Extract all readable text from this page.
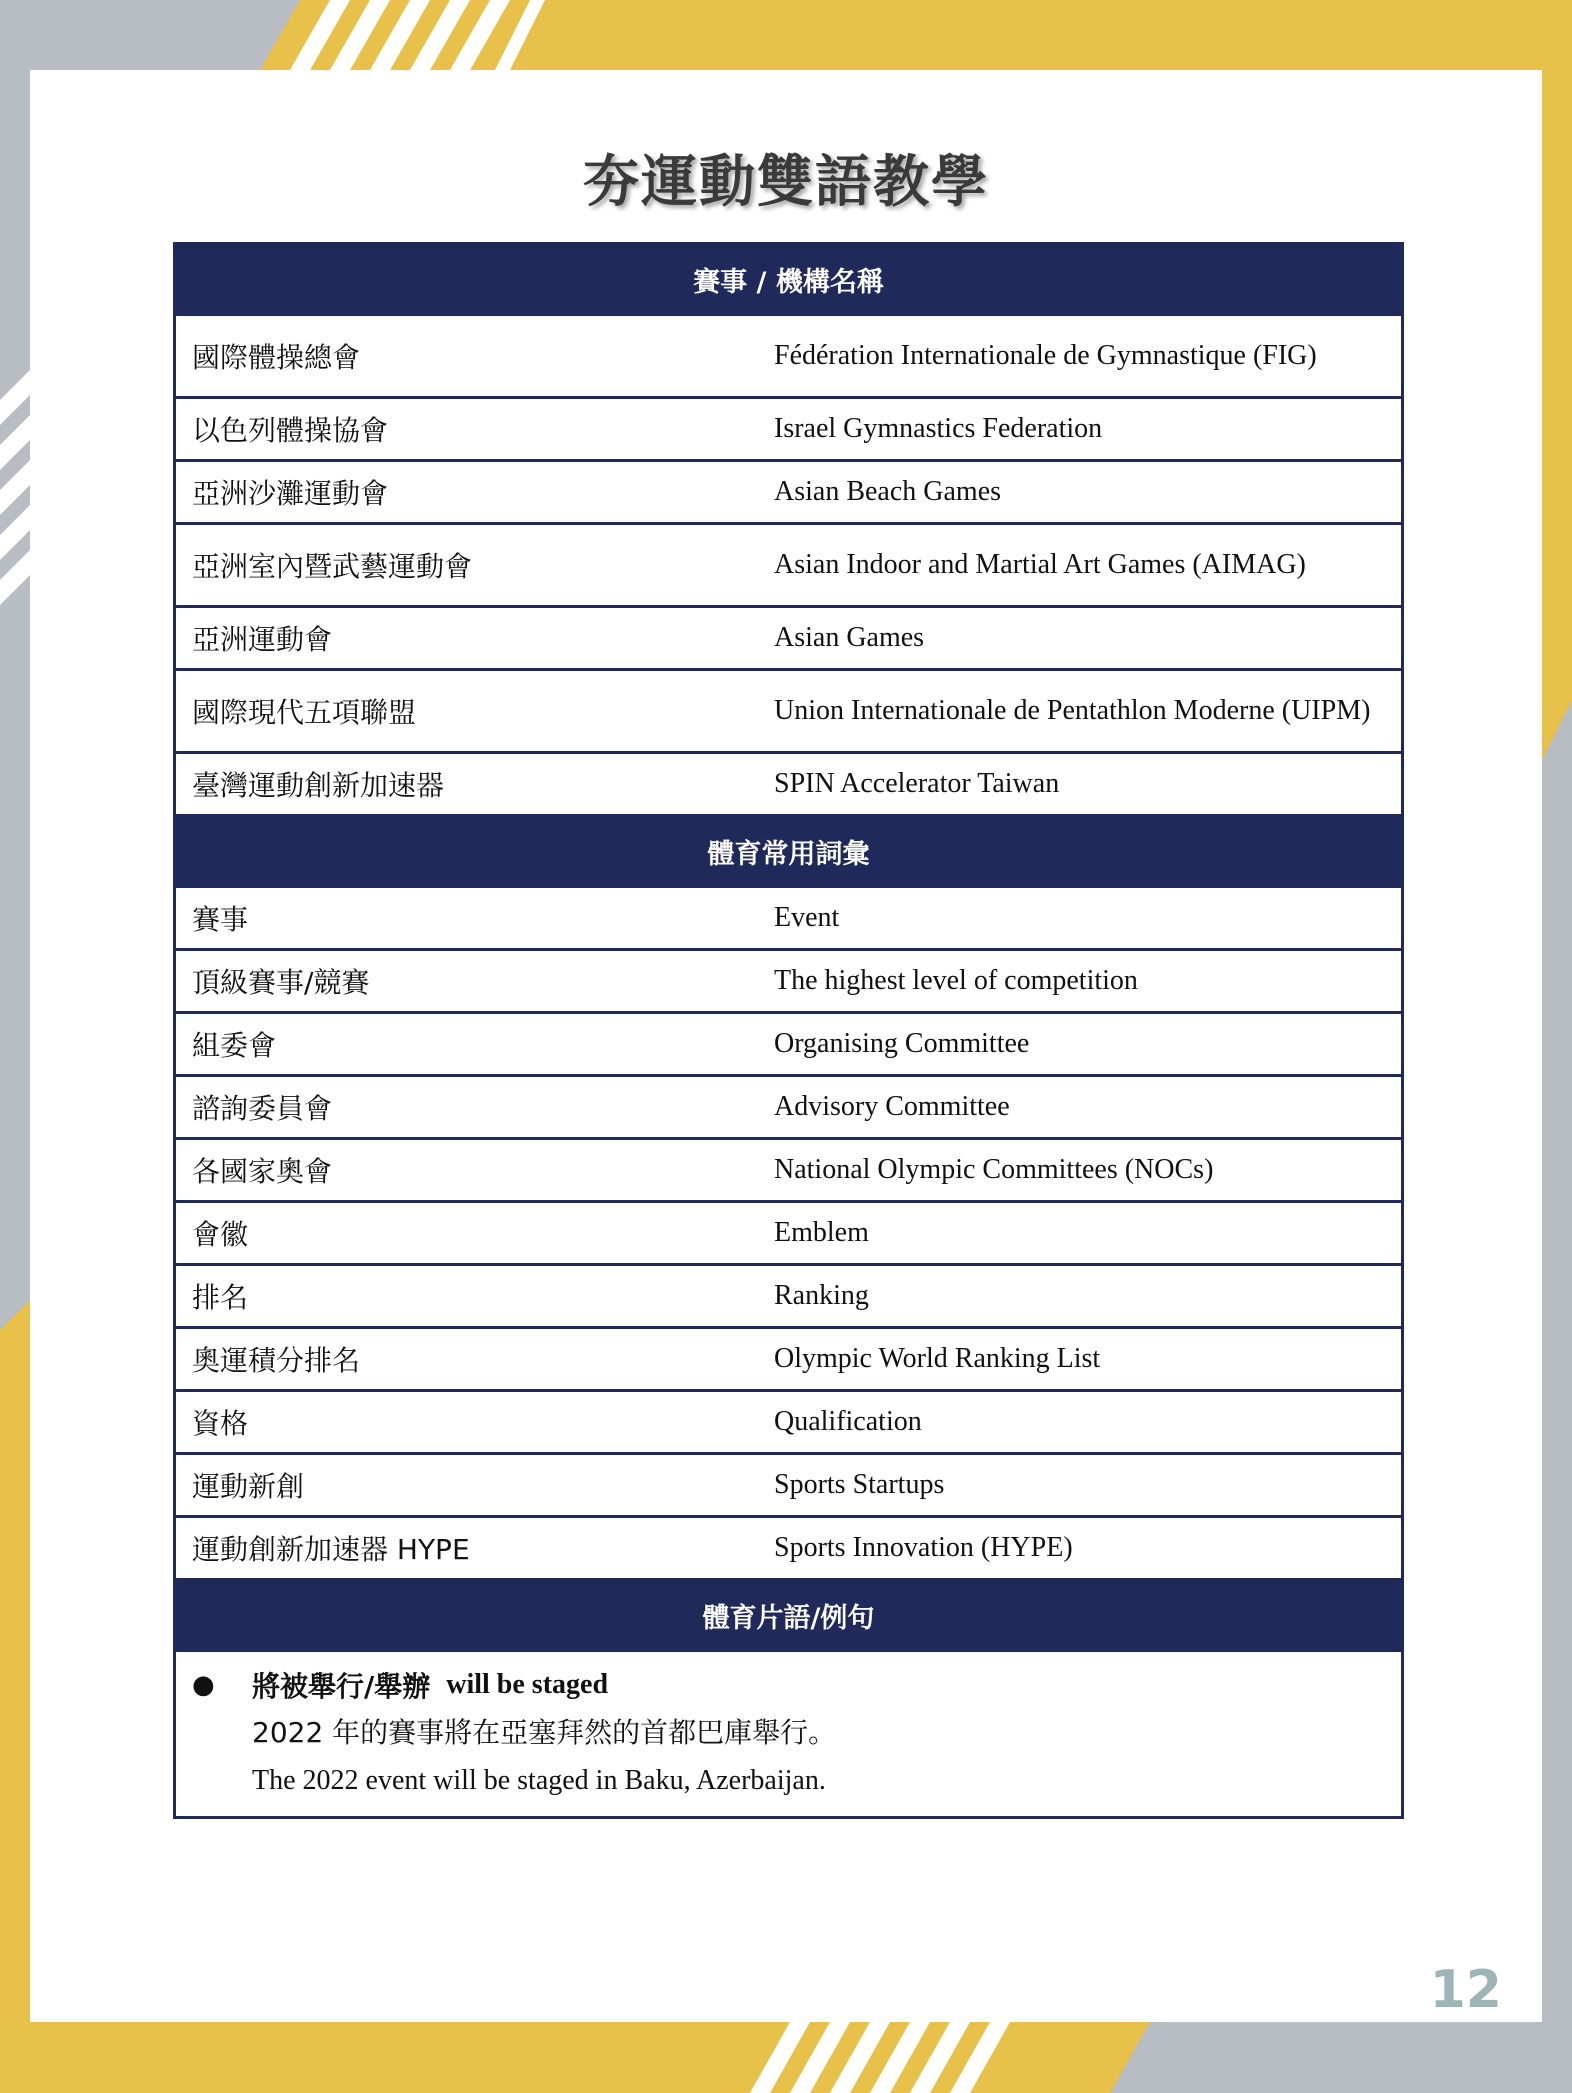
夯運動雙語教學
賽事 / 機構名稱
國際體操總會	Fédération Internationale de Gymnastique (FIG)
以色列體操協會	Israel Gymnastics Federation
亞洲沙灘運動會	Asian Beach Games
亞洲室內暨武藝運動會	Asian Indoor and Martial Art Games (AIMAG)
亞洲運動會	Asian Games
國際現代五項聯盟	Union Internationale de Pentathlon Moderne (UIPM)
臺灣運動創新加速器	SPIN Accelerator Taiwan
體育常用詞彙
賽事	Event
頂級賽事/競賽	The highest level of competition
組委會	Organising Committee
諮詢委員會	Advisory Committee
各國家奧會	National Olympic Committees (NOCs)
會徽	Emblem
排名	Ranking
奧運積分排名	Olympic World Ranking List
資格	Qualification
運動新創	Sports Startups
運動創新加速器 HYPE	Sports Innovation (HYPE)
體育片語/例句
●	將被舉行/舉辦 will be staged
2022 年的賽事將在亞塞拜然的首都巴庫舉行。
The 2022 event will be staged in Baku, Azerbaijan.
12
